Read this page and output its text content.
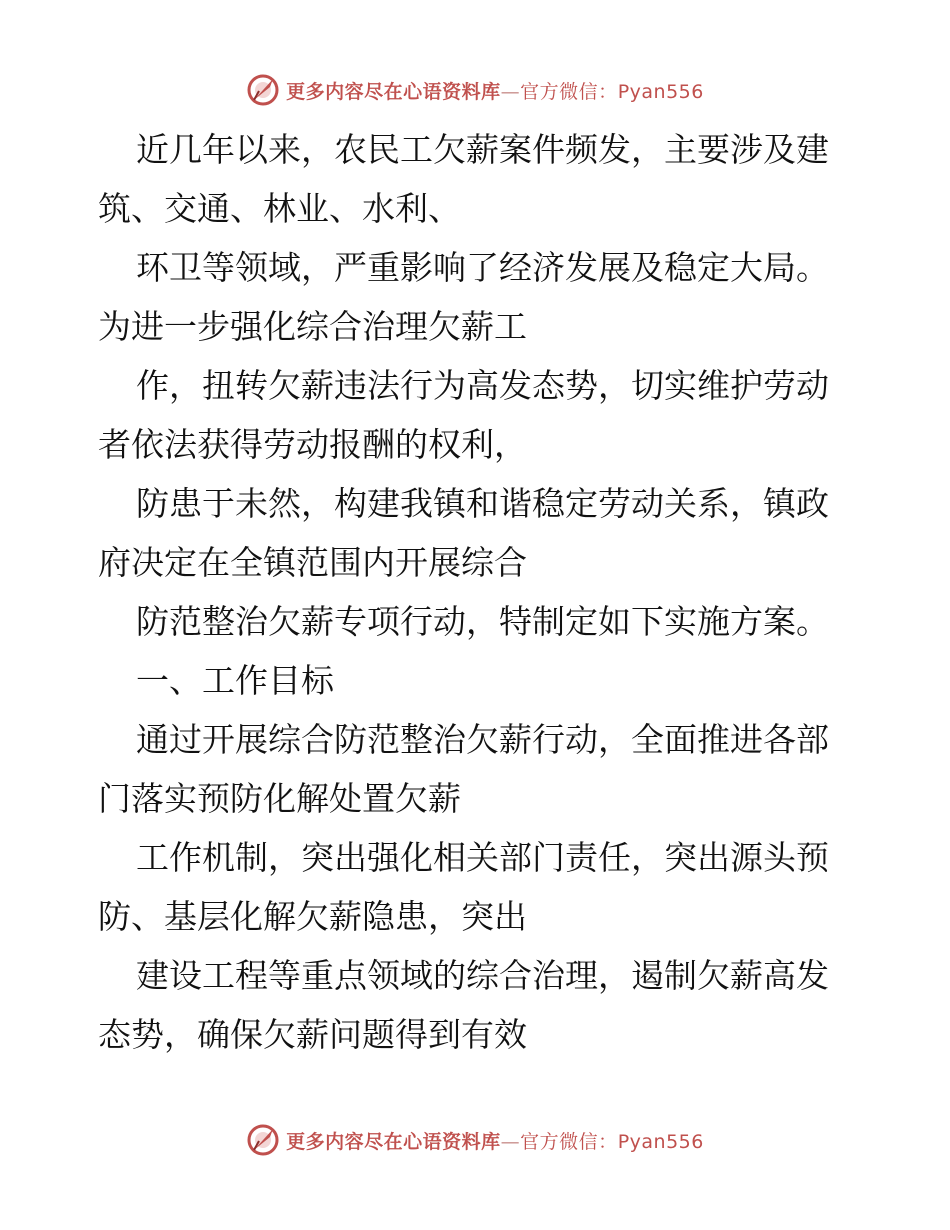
更多内容尽在心语资料库—官方微信：Pyan556

近几年以来，农民工欠薪案件频发，主要涉及建

筑、交通、林业、水利、

环卫等领域，严重影响了经济发展及稳定大局。

为进一步强化综合治理欠薪工

作，扭转欠薪违法行为高发态势，切实维护劳动

者依法获得劳动报酬的权利，

防患于未然，构建我镇和谐稳定劳动关系，镇政

府决定在全镇范围内开展综合

防范整治欠薪专项行动，特制定如下实施方案。

一、工作目标

通过开展综合防范整治欠薪行动，全面推进各部

门落实预防化解处置欠薪

工作机制，突出强化相关部门责任，突出源头预

防、基层化解欠薪隐患，突出

建设工程等重点领域的综合治理，遏制欠薪高发

态势，确保欠薪问题得到有效

更多内容尽在心语资料库—官方微信：Pyan556
